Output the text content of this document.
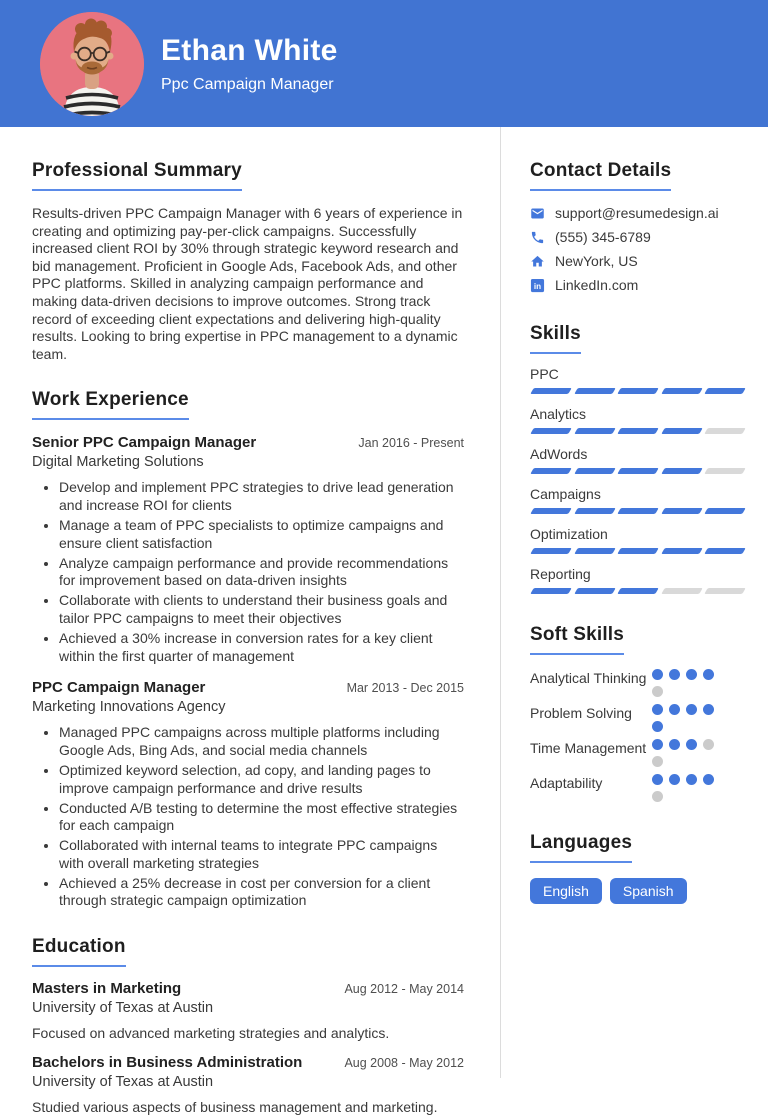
Ethan White
Ppc Campaign Manager
Professional Summary

Results-driven PPC Campaign Manager with 6 years of experience in creating and optimizing pay-per-click campaigns. Successfully increased client ROI by 30% through strategic keyword research and bid management. Proficient in Google Ads, Facebook Ads, and other PPC platforms. Skilled in analyzing campaign performance and making data-driven decisions to improve outcomes. Strong track record of exceeding client expectations and delivering high-quality results. Looking to bring expertise in PPC management to a dynamic team.

Work Experience
Senior PPC Campaign Manager	Jan 2016 - Present
Digital Marketing Solutions
• Develop and implement PPC strategies to drive lead generation and increase ROI for clients
• Manage a team of PPC specialists to optimize campaigns and ensure client satisfaction
• Analyze campaign performance and provide recommendations for improvement based on data-driven insights
• Collaborate with clients to understand their business goals and tailor PPC campaigns to meet their objectives
• Achieved a 30% increase in conversion rates for a key client within the first quarter of management
PPC Campaign Manager	Mar 2013 - Dec 2015
Marketing Innovations Agency
• Managed PPC campaigns across multiple platforms including Google Ads, Bing Ads, and social media channels
• Optimized keyword selection, ad copy, and landing pages to improve campaign performance and drive results
• Conducted A/B testing to determine the most effective strategies for each campaign
• Collaborated with internal teams to integrate PPC campaigns with overall marketing strategies
• Achieved a 25% decrease in cost per conversion for a client through strategic campaign optimization
Education
Masters in Marketing	Aug 2012 - May 2014
University of Texas at Austin
Focused on advanced marketing strategies and analytics.
Bachelors in Business Administration	Aug 2008 - May 2012
University of Texas at Austin
Studied various aspects of business management and marketing.
Contact Details
support@resumedesign.ai
(555) 345-6789
NewYork, US
in LinkedIn.com
Skills
PPC
Analytics
AdWords
Campaigns
Optimization
Reporting
Soft Skills
Analytical Thinking
Problem Solving
Time Management
Adaptability
Languages
English	Spanish
